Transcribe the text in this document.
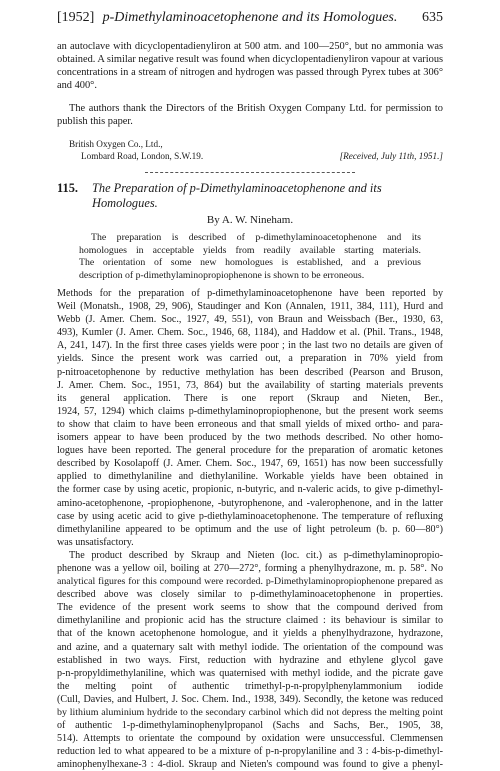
[1952] p-Dimethylaminoacetophenone and its Homologues.	635

an autoclave with dicyclopentadienyliron at 500 atm. and 100—250°, but no ammonia was
obtained. A similar negative result was found when dicyclopentadienyliron vapour at various
concentrations in a stream of nitrogen and hydrogen was passed through Pyrex tubes at 306°
and 400°.

The authors thank the Directors of the British Oxygen Company Ltd. for permission to
publish this paper.

British Oxygen Co., Ltd.,
Lombard Road, London, S.W.19.	[Received, July 11th, 1951.]
115. The Preparation of p-Dimethylaminoacetophenone and its
Homologues.

By A. W. Nineham.

The preparation is described of p-dimethylaminoacetophenone and its
homologues in acceptable yields from readily available starting materials.
The orientation of some new homologues is established, and a previous
description of p-dimethylaminopropiophenone is shown to be erroneous.

Methods for the preparation of p-dimethylaminoacetophenone have been reported by
Weil (Monatsh., 1908, 29, 906), Staudinger and Kon (Annalen, 1911, 384, 111), Hurd and
Webb (J. Amer. Chem. Soc., 1927, 49, 551), von Braun and Weissbach (Ber., 1930, 63,
493), Kumler (J. Amer. Chem. Soc., 1946, 68, 1184), and Haddow et al. (Phil. Trans., 1948,
A, 241, 147). In the first three cases yields were poor ; in the last two no details are given of
yields. Since the present work was carried out, a preparation in 70% yield from
p-nitroacetophenone by reductive methylation has been described (Pearson and Bruson,
J. Amer. Chem. Soc., 1951, 73, 864) but the availability of starting materials prevents
its general application. There is one report (Skraup and Nieten, Ber.,
1924, 57, 1294) which claims p-dimethylaminopropiophenone, but the present work seems
to show that claim to have been erroneous and that small yields of mixed ortho- and para-
isomers appear to have been produced by the two methods described. No other homo-
logues have been reported. The general procedure for the preparation of aromatic ketones
described by Kosolapoff (J. Amer. Chem. Soc., 1947, 69, 1651) has now been successfully
applied to dimethylaniline and diethylaniline. Workable yields have been obtained in
the former case by using acetic, propionic, n-butyric, and n-valeric acids, to give p-dimethyl-
amino-acetophenone, -propiophenone, -butyrophenone, and -valerophenone, and in the latter
case by using acetic acid to give p-diethylaminoacetophenone. The temperature of refluxing
dimethylaniline appeared to be optimum and the use of light petroleum (b. p. 60—80°)
was unsatisfactory.

The product described by Skraup and Nieten (loc. cit.) as p-dimethylaminopropio-
phenone was a yellow oil, boiling at 270—272°, forming a phenylhydrazone, m. p. 58°. No
analytical figures for this compound were recorded. p-Dimethylaminopropiophenone prepared as
described above was closely similar to p-dimethylaminoacetophenone in properties.
The evidence of the present work seems to show that the compound derived from
dimethylaniline and propionic acid has the structure claimed : its behaviour is similar to
that of the known acetophenone homologue, and it yields a phenylhydrazone, hydrazone,
and azine, and a quaternary salt with methyl iodide. The orientation of the compound was
established in two ways. First, reduction with hydrazine and ethylene glycol gave
p-n-propyldimethylaniline, which was quaternised with methyl iodide, and the picrate gave
the melting point of authentic trimethyl-p-n-propylphenylammonium iodide
(Cull, Davies, and Hulbert, J. Soc. Chem. Ind., 1938, 349). Secondly, the ketone was reduced
by lithium aluminium hydride to the secondary carbinol which did not depress the melting point
of authentic 1-p-dimethylaminophenylpropanol (Sachs and Sachs, Ber., 1905, 38,
514). Attempts to orientate the compound by oxidation were unsuccessful. Clemmensen
reduction led to what appeared to be a mixture of p-n-propylaniline and 3 : 4-bis-p-dimethyl-
aminophenylhexane-3 : 4-diol. Skraup and Nieten's compound was found to give a phenyl-
